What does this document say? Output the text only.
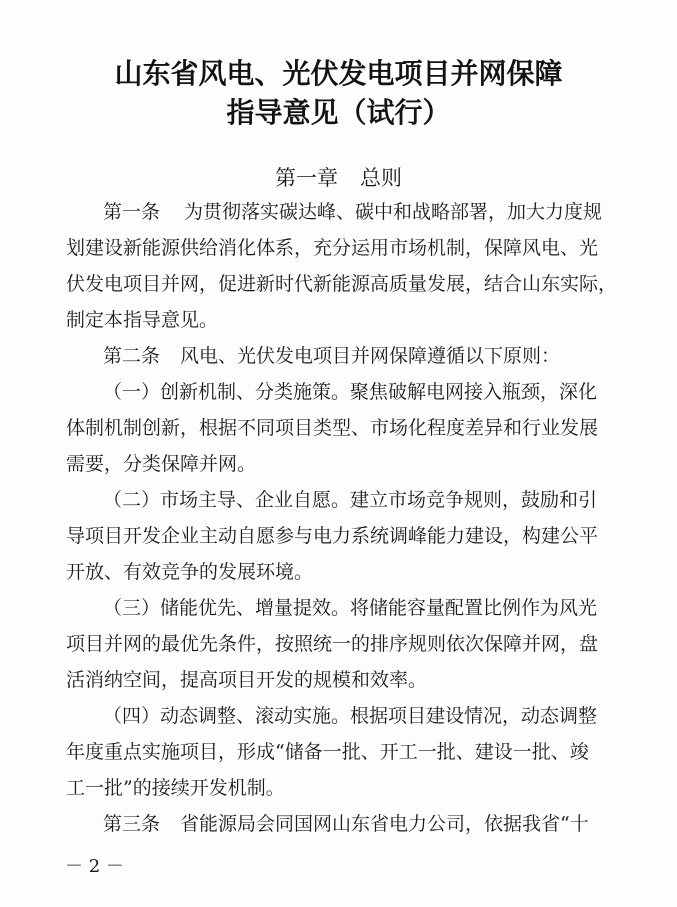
山东省风电、光伏发电项目并网保障
指导意见（试行）
第一章 总则
第一条 为贯彻落实碳达峰、碳中和战略部署，加大力度规
划建设新能源供给消化体系，充分运用市场机制，保障风电、光
伏发电项目并网，促进新时代新能源高质量发展，结合山东实际，
制定本指导意见。
第二条 风电、光伏发电项目并网保障遵循以下原则：
（一）创新机制、分类施策。聚焦破解电网接入瓶颈，深化
体制机制创新，根据不同项目类型、市场化程度差异和行业发展
需要，分类保障并网。
（二）市场主导、企业自愿。建立市场竞争规则，鼓励和引
导项目开发企业主动自愿参与电力系统调峰能力建设，构建公平
开放、有效竞争的发展环境。
（三）储能优先、增量提效。将储能容量配置比例作为风光
项目并网的最优先条件，按照统一的排序规则依次保障并网，盘
活消纳空间，提高项目开发的规模和效率。
（四）动态调整、滚动实施。根据项目建设情况，动态调整
年度重点实施项目，形成“储备一批、开工一批、建设一批、竣
工一批”的接续开发机制。
第三条 省能源局会同国网山东省电力公司，依据我省“十
－ 2 －
